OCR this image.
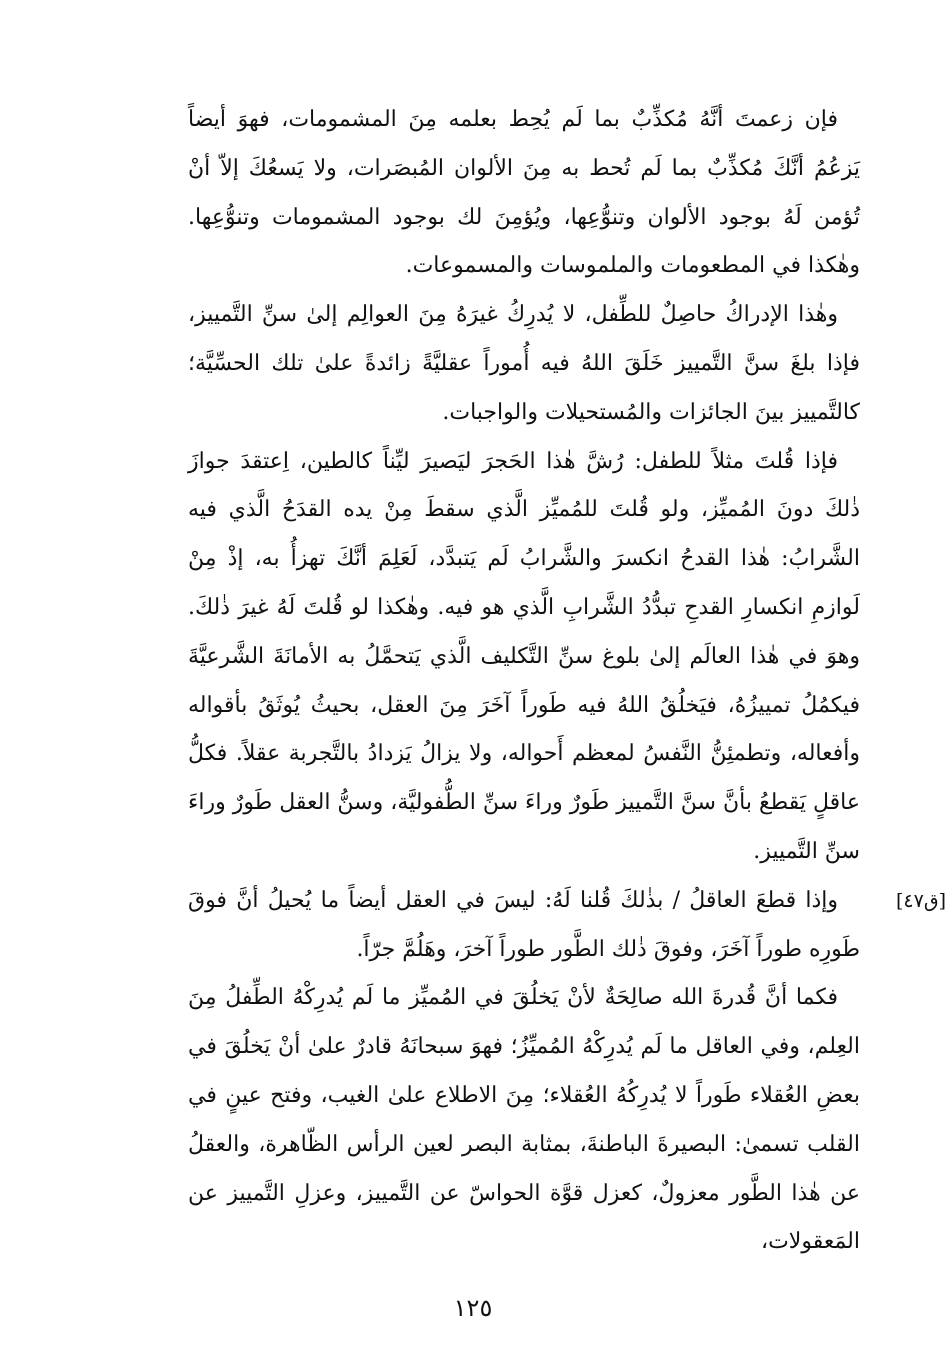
فإن زعمتَ أنَّهُ مُكذِّبٌ بما لَم يُحِط بعلمه مِنَ المشمومات، فهوَ أيضاً يَزعُمُ أنَّكَ مُكذِّبٌ بما لَم تُحط به مِنَ الألوان المُبصَرات، ولا يَسعُكَ إلاّ أنْ تُؤمن لَهُ بوجود الألوان وتنوُّعِها، ويُؤمِنَ لك بوجود المشمومات وتنوُّعِها. وهٰكذا في المطعومات والملموسات والمسموعات.

وهٰذا الإدراكُ حاصِلٌ للطِّفل، لا يُدرِكُ غيرَهُ مِنَ العوالِم إلىٰ سنِّ التَّمييز، فإذا بلغَ سنَّ التَّمييز خَلَقَ اللهُ فيه أُموراً عقليَّةً زائدةً علىٰ تلك الحسِّيَّة؛ كالتَّمييز بينَ الجائزات والمُستحيلات والواجبات.

فإذا قُلتَ مثلاً للطفل: رُشَّ هٰذا الحَجرَ ليَصيرَ ليِّناً كالطين، اِعتقدَ جوازَ ذٰلكَ دونَ المُميِّز، ولو قُلتَ للمُميِّز الَّذي سقطَ مِنْ يده القدَحُ الَّذي فيه الشَّرابُ: هٰذا القدحُ انكسرَ والشَّرابُ لَم يَتبدَّد، لَعَلِمَ أنَّكَ تهزأُ به، إذْ مِنْ لَوازمِ انكسارِ القدحِ تبدُّدُ الشَّرابِ الَّذي هو فيه. وهٰكذا لو قُلتَ لَهُ غيرَ ذٰلكَ. وهوَ في هٰذا العالَم إلىٰ بلوغ سنِّ التَّكليف الَّذي يَتحمَّلُ به الأمانَةَ الشَّرعيَّةَ فيكمُلُ تمييزُهُ، فيَخلُقُ اللهُ فيه طَوراً آخَرَ مِنَ العقل، بحيثُ يُوثَقُ بأقواله وأفعاله، وتطمئِنُّ النَّفسُ لمعظم أَحواله، ولا يزالُ يَزدادُ بالتَّجربة عقلاً. فكلُّ عاقلٍ يَقطعُ بأنَّ سنَّ التَّمييز طَورٌ وراءَ سنِّ الطُّفوليَّة، وسنُّ العقل طَورٌ وراءَ سنِّ التَّمييز.

[ق٤٧]

وإذا قطعَ العاقلُ / بذٰلكَ قُلنا لَهُ: ليسَ في العقل أيضاً ما يُحيلُ أنَّ فوقَ طَورِه طوراً آخَرَ، وفوقَ ذٰلك الطَّور طوراً آخرَ، وهَلُمَّ جرّاً.

فكما أنَّ قُدرةَ الله صالِحَةٌ لأنْ يَخلُقَ في المُميِّز ما لَم يُدرِكْهُ الطِّفلُ مِنَ العِلم، وفي العاقل ما لَم يُدرِكْهُ المُميِّزُ؛ فهوَ سبحانَهُ قادرٌ علىٰ أنْ يَخلُقَ في بعضِ العُقلاء طَوراً لا يُدرِكُهُ العُقلاء؛ مِنَ الاطلاع علىٰ الغيب، وفتح عينٍ في القلب تسمىٰ: البصيرةَ الباطنةَ، بمثابة البصر لعين الرأس الظّاهرة، والعقلُ عن هٰذا الطَّور معزولٌ، كعزل قوَّة الحواسّ عن التَّمييز، وعزلِ التَّمييز عن المَعقولات،

١٢٥
